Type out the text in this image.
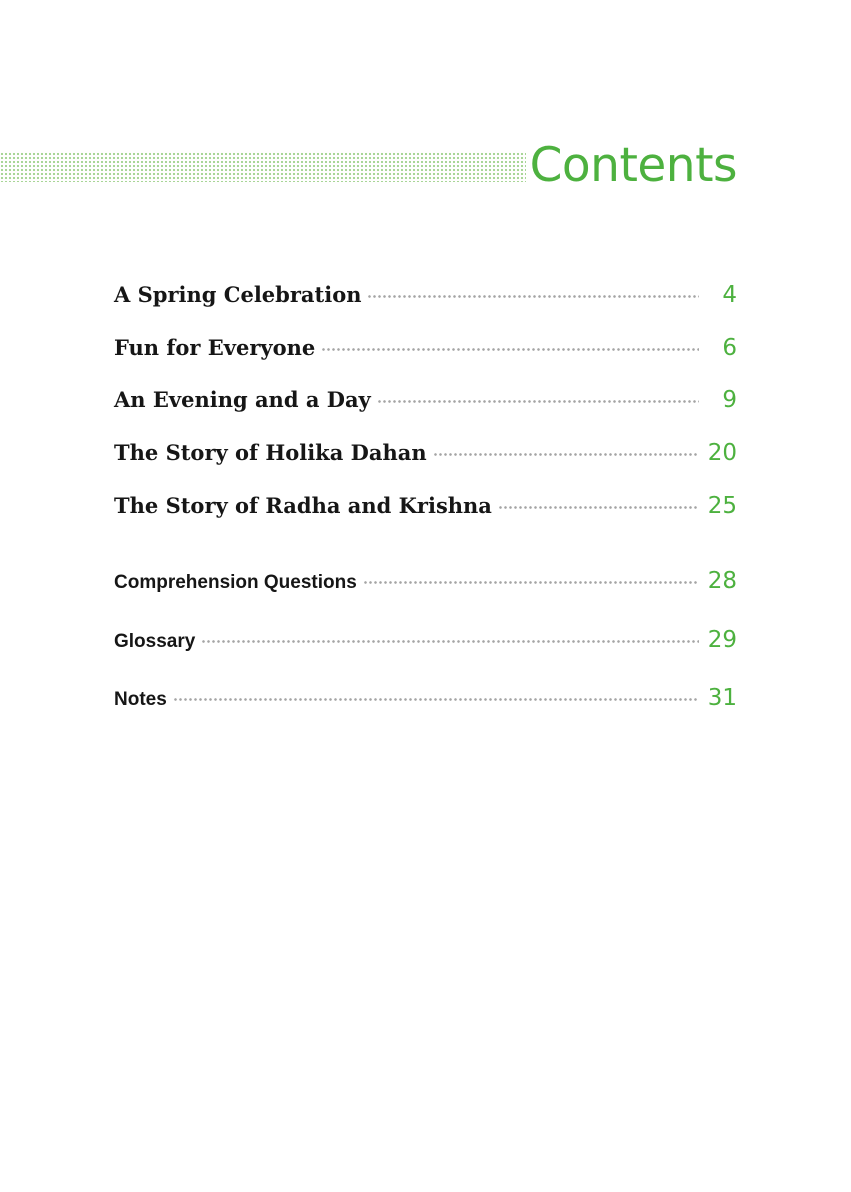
Contents
A Spring Celebration	4
Fun for Everyone	6
An Evening and a Day	9
The Story of Holika Dahan	20
The Story of Radha and Krishna	25
Comprehension Questions	28
Glossary	29
Notes	31
